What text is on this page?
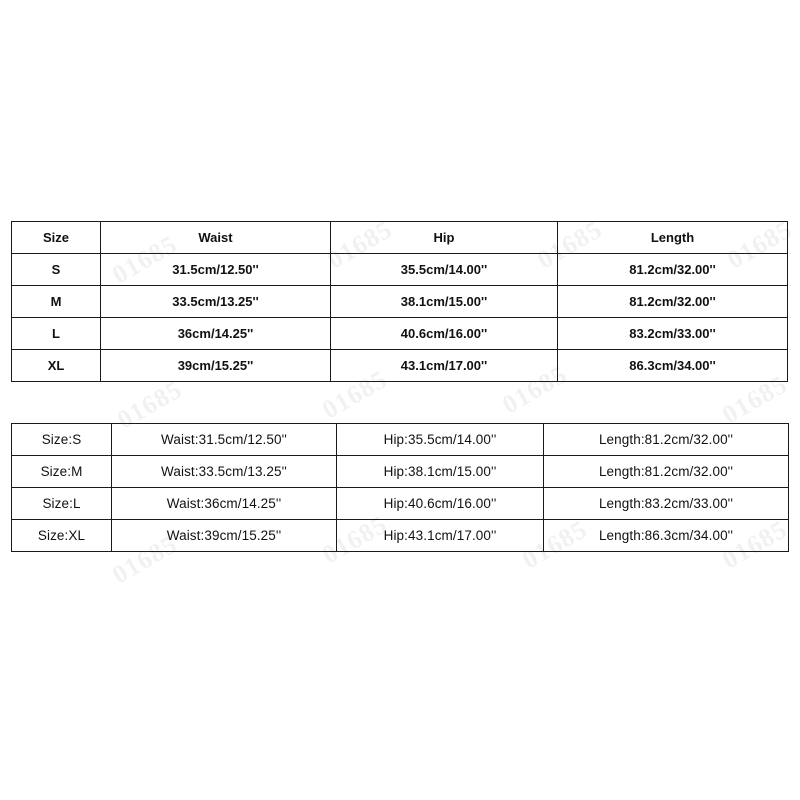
01685	01685	01685	01685
01685	01685	01685	01685
01685	01685	01685	01685
Size	Waist	Hip	Length
S	31.5cm/12.50''	35.5cm/14.00''	81.2cm/32.00''
M	33.5cm/13.25''	38.1cm/15.00''	81.2cm/32.00''
L	36cm/14.25''	40.6cm/16.00''	83.2cm/33.00''
XL	39cm/15.25''	43.1cm/17.00''	86.3cm/34.00''
Size:S	Waist:31.5cm/12.50''	Hip:35.5cm/14.00''	Length:81.2cm/32.00''
Size:M	Waist:33.5cm/13.25''	Hip:38.1cm/15.00''	Length:81.2cm/32.00''
Size:L	Waist:36cm/14.25''	Hip:40.6cm/16.00''	Length:83.2cm/33.00''
Size:XL	Waist:39cm/15.25''	Hip:43.1cm/17.00''	Length:86.3cm/34.00''
